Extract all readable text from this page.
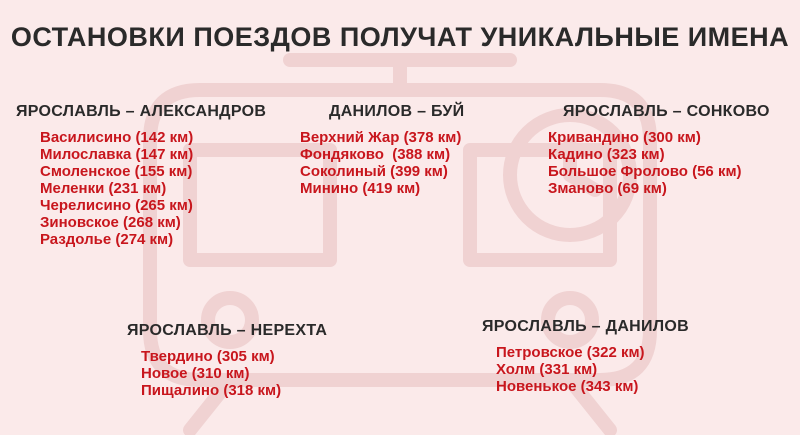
ОСТАНОВКИ ПОЕЗДОВ ПОЛУЧАТ УНИКАЛЬНЫЕ ИМЕНА
ЯРОСЛАВЛЬ – АЛЕКСАНДРОВ
Василисино (142 км)
Милославка (147 км)
Смоленское (155 км)
Меленки (231 км)
Черелисино (265 км)
Зиновское (268 км)
Раздолье (274 км)
ДАНИЛОВ – БУЙ
Верхний Жар (378 км)
Фондяково  (388 км)
Соколиный (399 км)
Минино (419 км)
ЯРОСЛАВЛЬ – СОНКОВО
Кривандино (300 км)
Кадино (323 км)
Большое Фролово (56 км)
Змановo (69 км)
ЯРОСЛАВЛЬ – НЕРЕХТА
Твердино (305 км)
Новое (310 км)
Пищалино (318 км)
ЯРОСЛАВЛЬ – ДАНИЛОВ
Петровское (322 км)
Холм (331 км)
Новенькое (343 км)
